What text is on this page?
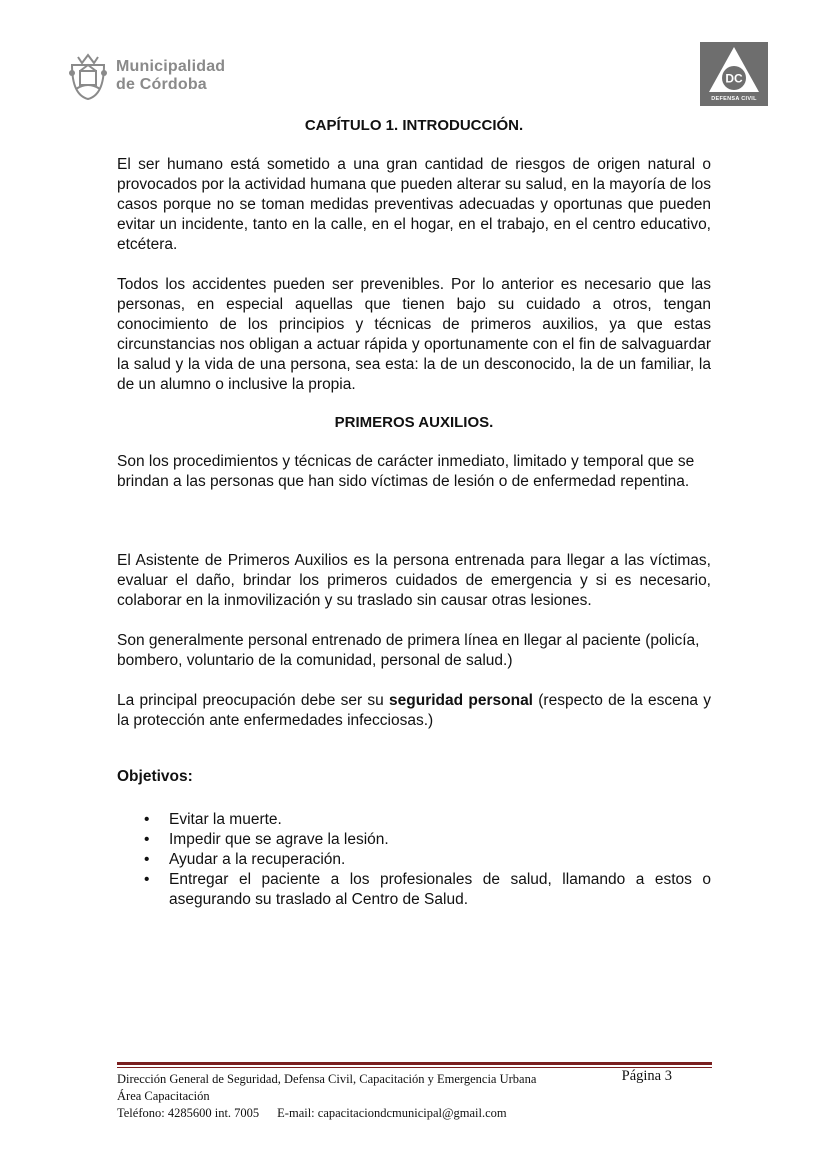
Municipalidad
de Córdoba	DC
DEFENSA CIVIL
CAPÍTULO 1. INTRODUCCIÓN.

El ser humano está sometido a una gran cantidad de riesgos de origen natural o provocados por la actividad humana que pueden alterar su salud, en la mayoría de los casos porque no se toman medidas preventivas adecuadas y oportunas que pueden evitar un incidente, tanto en la calle, en el hogar, en el trabajo, en el centro educativo, etcétera.

Todos los accidentes pueden ser prevenibles. Por lo anterior es necesario que las personas, en especial aquellas que tienen bajo su cuidado a otros, tengan conocimiento de los principios y técnicas de primeros auxilios, ya que estas circunstancias nos obligan a actuar rápida y oportunamente con el fin de salvaguardar la salud y la vida de una persona, sea esta: la de un desconocido, la de un familiar, la de un alumno o inclusive la propia.

PRIMEROS AUXILIOS.

Son los procedimientos y técnicas de carácter inmediato, limitado y temporal que se brindan a las personas que han sido víctimas de lesión o de enfermedad repentina.

El Asistente de Primeros Auxilios es la persona entrenada para llegar a las víctimas, evaluar el daño, brindar los primeros cuidados de emergencia y si es necesario, colaborar en la inmovilización y su traslado sin causar otras lesiones.

Son generalmente personal entrenado de primera línea en llegar al paciente (policía, bombero, voluntario de la comunidad, personal de salud.)

La principal preocupación debe ser su seguridad personal (respecto de la escena y la protección ante enfermedades infecciosas.)

Objetivos:
• Evitar la muerte.
• Impedir que se agrave la lesión.
• Ayudar a la recuperación.
• Entregar el paciente a los profesionales de salud, llamando a estos o asegurando su traslado al Centro de Salud.
Dirección General de Seguridad, Defensa Civil, Capacitación y Emergencia Urbana	Página 3
Área Capacitación
Teléfono: 4285600 int. 7005 E-mail: capacitaciondcmunicipal@gmail.com
